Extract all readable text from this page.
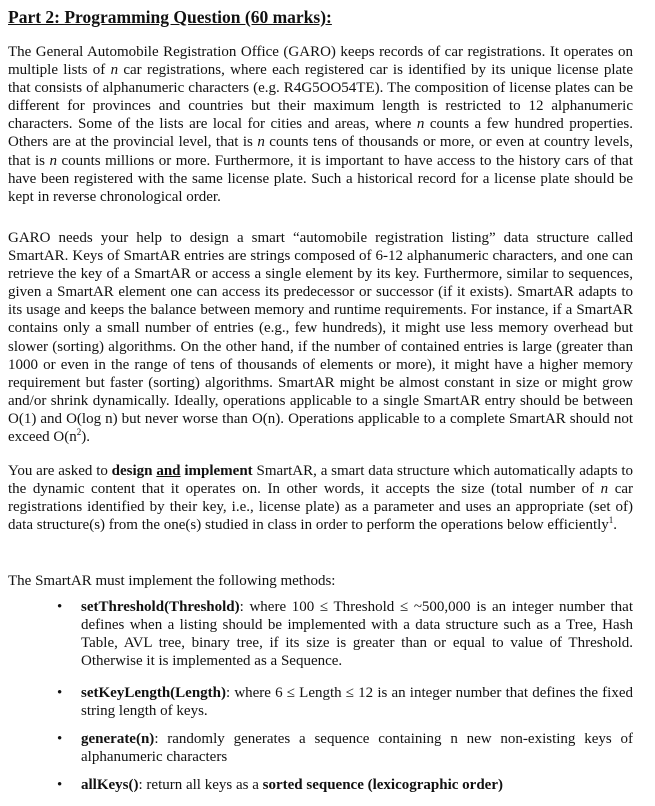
Part 2: Programming Question (60 marks):
The General Automobile Registration Office (GARO) keeps records of car registrations. It operates on multiple lists of n car registrations, where each registered car is identified by its unique license plate that consists of alphanumeric characters (e.g. R4G5OO54TE). The composition of license plates can be different for provinces and countries but their maximum length is restricted to 12 alphanumeric characters. Some of the lists are local for cities and areas, where n counts a few hundred properties. Others are at the provincial level, that is n counts tens of thousands or more, or even at country levels, that is n counts millions or more. Furthermore, it is important to have access to the history cars of that have been registered with the same license plate. Such a historical record for a license plate should be kept in reverse chronological order.
GARO needs your help to design a smart “automobile registration listing” data structure called SmartAR. Keys of SmartAR entries are strings composed of 6-12 alphanumeric characters, and one can retrieve the key of a SmartAR or access a single element by its key. Furthermore, similar to sequences, given a SmartAR element one can access its predecessor or successor (if it exists). SmartAR adapts to its usage and keeps the balance between memory and runtime requirements. For instance, if a SmartAR contains only a small number of entries (e.g., few hundreds), it might use less memory overhead but slower (sorting) algorithms. On the other hand, if the number of contained entries is large (greater than 1000 or even in the range of tens of thousands of elements or more), it might have a higher memory requirement but faster (sorting) algorithms. SmartAR might be almost constant in size or might grow and/or shrink dynamically. Ideally, operations applicable to a single SmartAR entry should be between O(1) and O(log n) but never worse than O(n). Operations applicable to a complete SmartAR should not exceed $O(n^2)$.
You are asked to design and implement SmartAR, a smart data structure which automatically adapts to the dynamic content that it operates on. In other words, it accepts the size (total number of n car registrations identified by their key, i.e., license plate) as a parameter and uses an appropriate (set of) data structure(s) from the one(s) studied in class in order to perform the operations below efficiently$^1$.
The SmartAR must implement the following methods:
• setThreshold(Threshold): where 100 ≤ Threshold ≤ ~500,000 is an integer number that defines when a listing should be implemented with a data structure such as a Tree, Hash Table, AVL tree, binary tree, if its size is greater than or equal to value of Threshold. Otherwise it is implemented as a Sequence.
• setKeyLength(Length): where 6 ≤ Length ≤ 12 is an integer number that defines the fixed string length of keys.
• generate(n): randomly generates a sequence containing n new non-existing keys of alphanumeric characters
• allKeys(): return all keys as a sorted sequence (lexicographic order)
